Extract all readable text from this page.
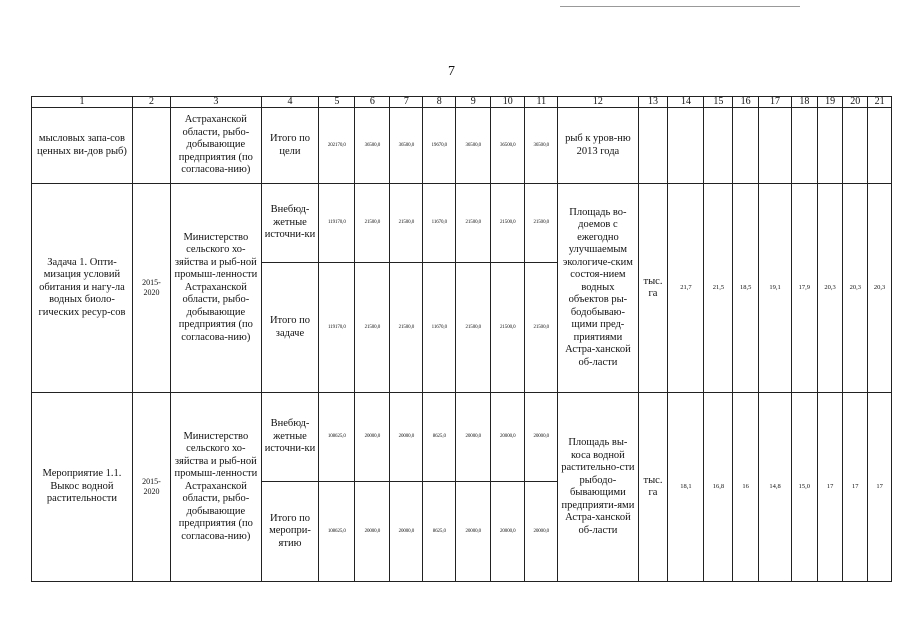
7
1	2	3	4	5	6	7	8	9	10	11	12	13	14	15	16	17	18	19	20	21
мысловых запа-сов ценных ви-дов рыб)		Астраханской области, рыбо-добывающие предприятия (по согласова-нию)	Итого по цели	202170,0	36500,0	36500,0	19670,0	36500,0	36500,0	36500,0	рыб к уров-ню 2013 года									
Задача 1. Опти-мизация условий обитания и нагу-ла водных биоло-гических ресур-сов	2015-2020	Министерство сельского хо-зяйства и рыб-ной промыш-ленности Астраханской области, рыбо-добывающие предприятия (по согласова-нию)	Внебюд-жетные источни-ки	119170,0	21500,0	21500,0	11670,0	21500,0	21500,0	21500,0	Площадь во-доемов с ежегодно улучшаемым экологиче-ским состоя-нием водных объектов ры-бодобываю-щими пред-приятиями Астра-ханской об-ласти	тыс. га	21,7	21,5	18,5	19,1	17,9	20,3	20,3	20,3
			Итого по задаче	119170,0	21500,0	21500,0	11670,0	21500,0	21500,0	21500,0										
Мероприятие 1.1. Выкос водной растительности	2015-2020	Министерство сельского хо-зяйства и рыб-ной промыш-ленности Астраханской области, рыбо-добывающие предприятия (по согласова-нию)	Внебюд-жетные источни-ки	108625,0	20000,0	20000,0	8625,0	20000,0	20000,0	20000,0	Площадь вы-коса водной растительно-сти рыбодо-бывающими предприяти-ями Астра-ханской об-ласти	тыс. га	18,1	16,8	16	14,8	15,0	17	17	17
			Итого по меропри-ятию	108625,0	20000,0	20000,0	8625,0	20000,0	20000,0	20000,0										
